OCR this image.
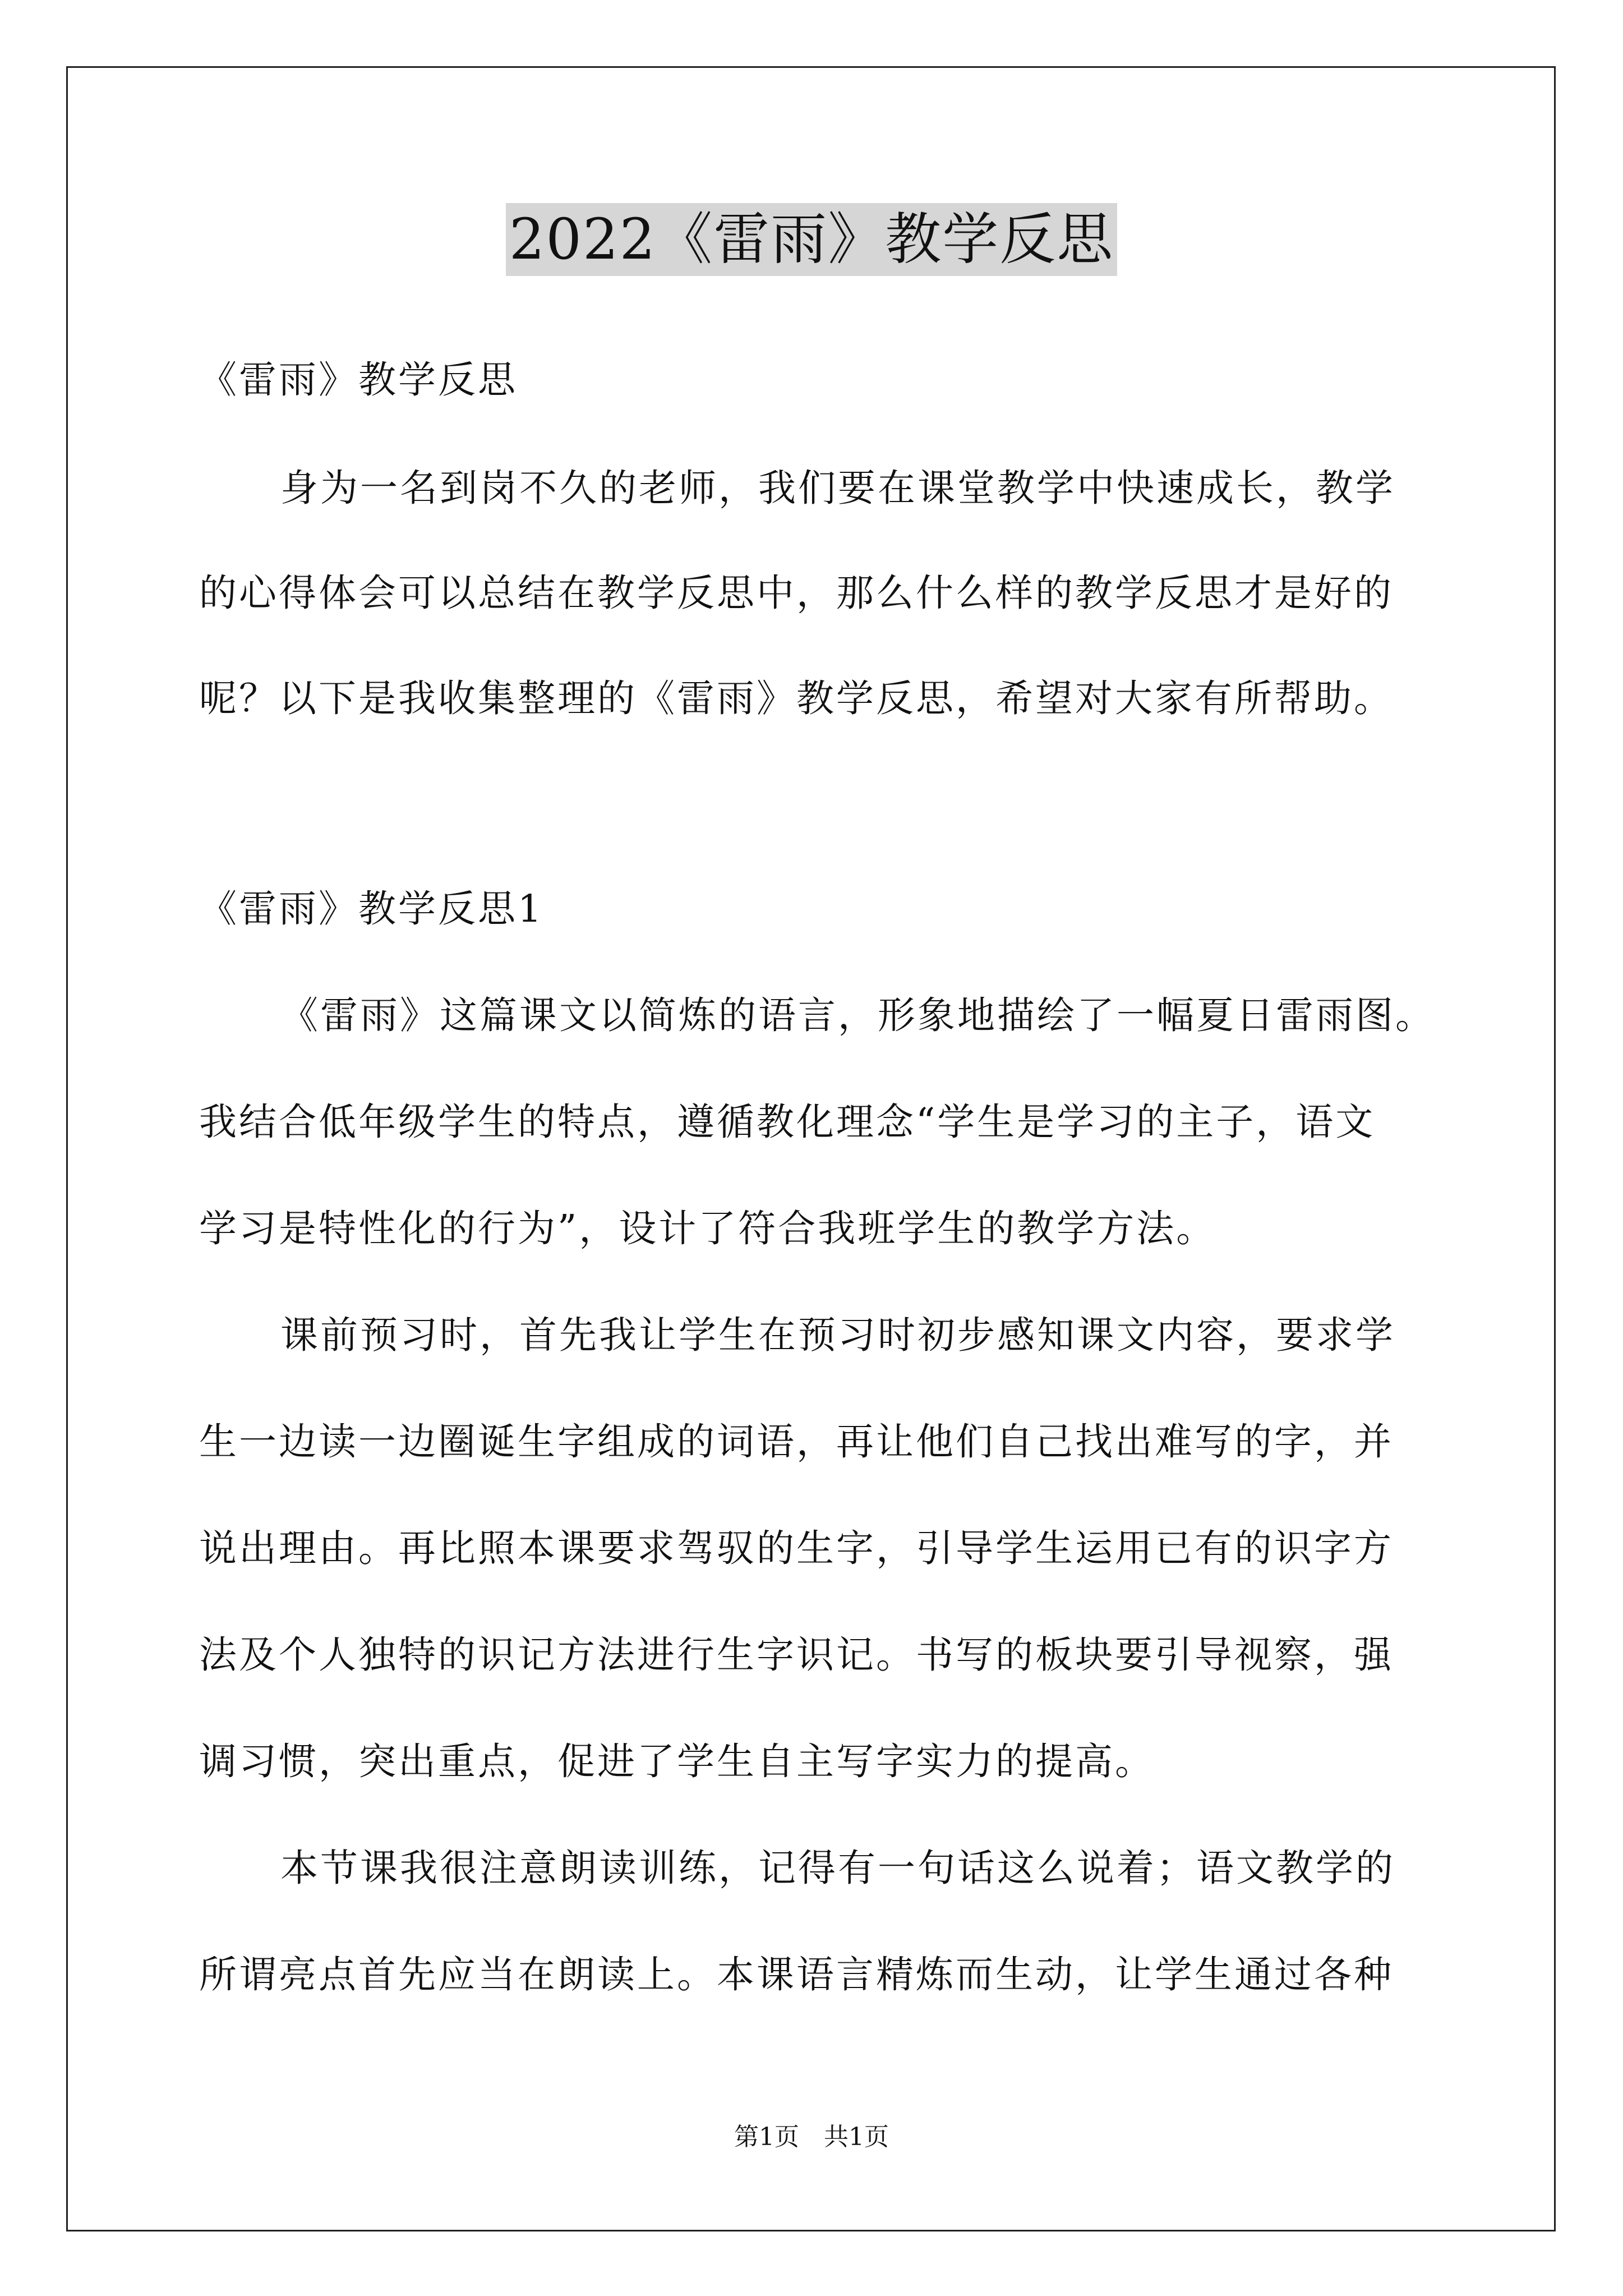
2022《雷雨》教学反思
《雷雨》教学反思
身为一名到岗不久的老师，我们要在课堂教学中快速成长，教学
的心得体会可以总结在教学反思中，那么什么样的教学反思才是好的
呢？以下是我收集整理的《雷雨》教学反思，希望对大家有所帮助。
《雷雨》教学反思1
《雷雨》这篇课文以简炼的语言，形象地描绘了一幅夏日雷雨图。
我结合低年级学生的特点，遵循教化理念“学生是学习的主子，语文
学习是特性化的行为”，设计了符合我班学生的教学方法。
课前预习时，首先我让学生在预习时初步感知课文内容，要求学
生一边读一边圈诞生字组成的词语，再让他们自己找出难写的字，并
说出理由。再比照本课要求驾驭的生字，引导学生运用已有的识字方
法及个人独特的识记方法进行生字识记。书写的板块要引导视察，强
调习惯，突出重点，促进了学生自主写字实力的提高。
本节课我很注意朗读训练，记得有一句话这么说着；语文教学的
所谓亮点首先应当在朗读上。本课语言精炼而生动，让学生通过各种
第1页　共1页
